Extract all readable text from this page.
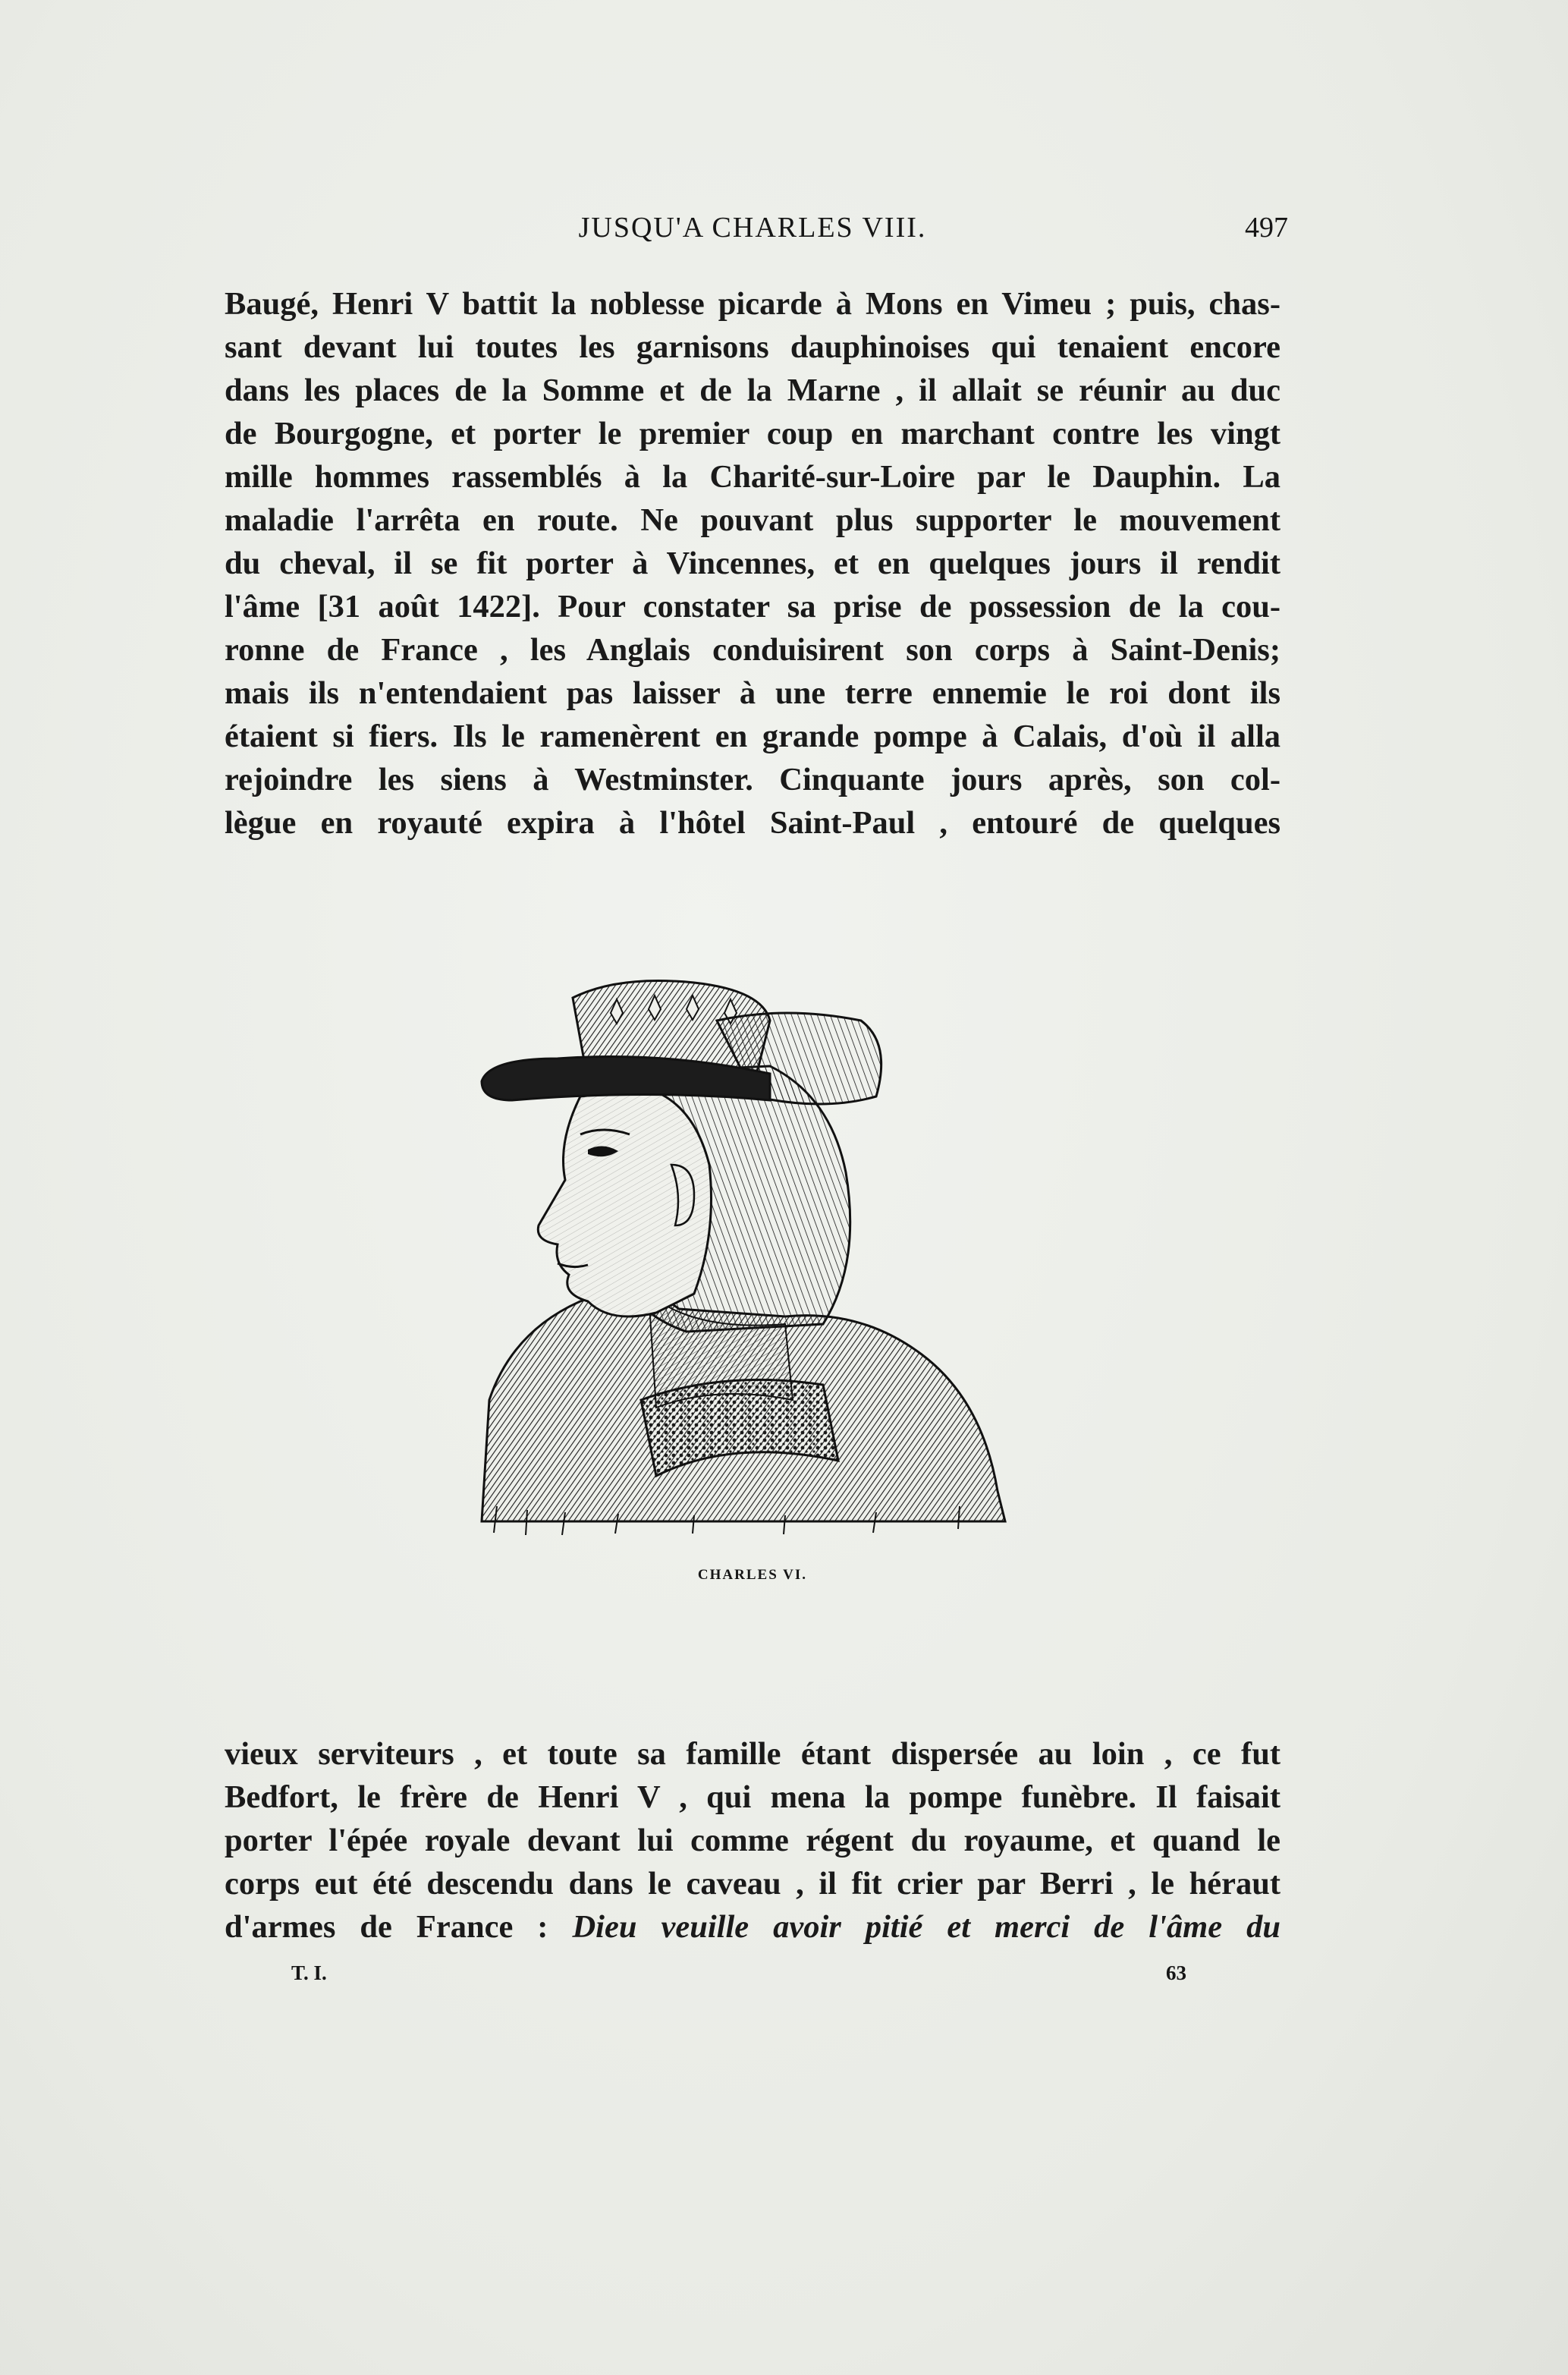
JUSQU'A CHARLES VIII.	497
Baugé, Henri V battit la noblesse picarde à Mons en Vimeu ; puis, chas-
sant devant lui toutes les garnisons dauphinoises qui tenaient encore
dans les places de la Somme et de la Marne , il allait se réunir au duc
de Bourgogne, et porter le premier coup en marchant contre les vingt
mille hommes rassemblés à la Charité-sur-Loire par le Dauphin. La
maladie l'arrêta en route. Ne pouvant plus supporter le mouvement
du cheval, il se fit porter à Vincennes, et en quelques jours il rendit
l'âme [31 août 1422]. Pour constater sa prise de possession de la cou-
ronne de France , les Anglais conduisirent son corps à Saint-Denis;
mais ils n'entendaient pas laisser à une terre ennemie le roi dont ils
étaient si fiers. Ils le ramenèrent en grande pompe à Calais, d'où il alla
rejoindre les siens à Westminster. Cinquante jours après, son col-
lègue en royauté expira à l'hôtel Saint-Paul , entouré de quelques
CHARLES VI.
vieux serviteurs , et toute sa famille étant dispersée au loin , ce fut
Bedfort, le frère de Henri V , qui mena la pompe funèbre. Il faisait
porter l'épée royale devant lui comme régent du royaume, et quand le
corps eut été descendu dans le caveau , il fit crier par Berri , le héraut
d'armes de France : Dieu veuille avoir pitié et merci de l'âme du
T. I.	63
